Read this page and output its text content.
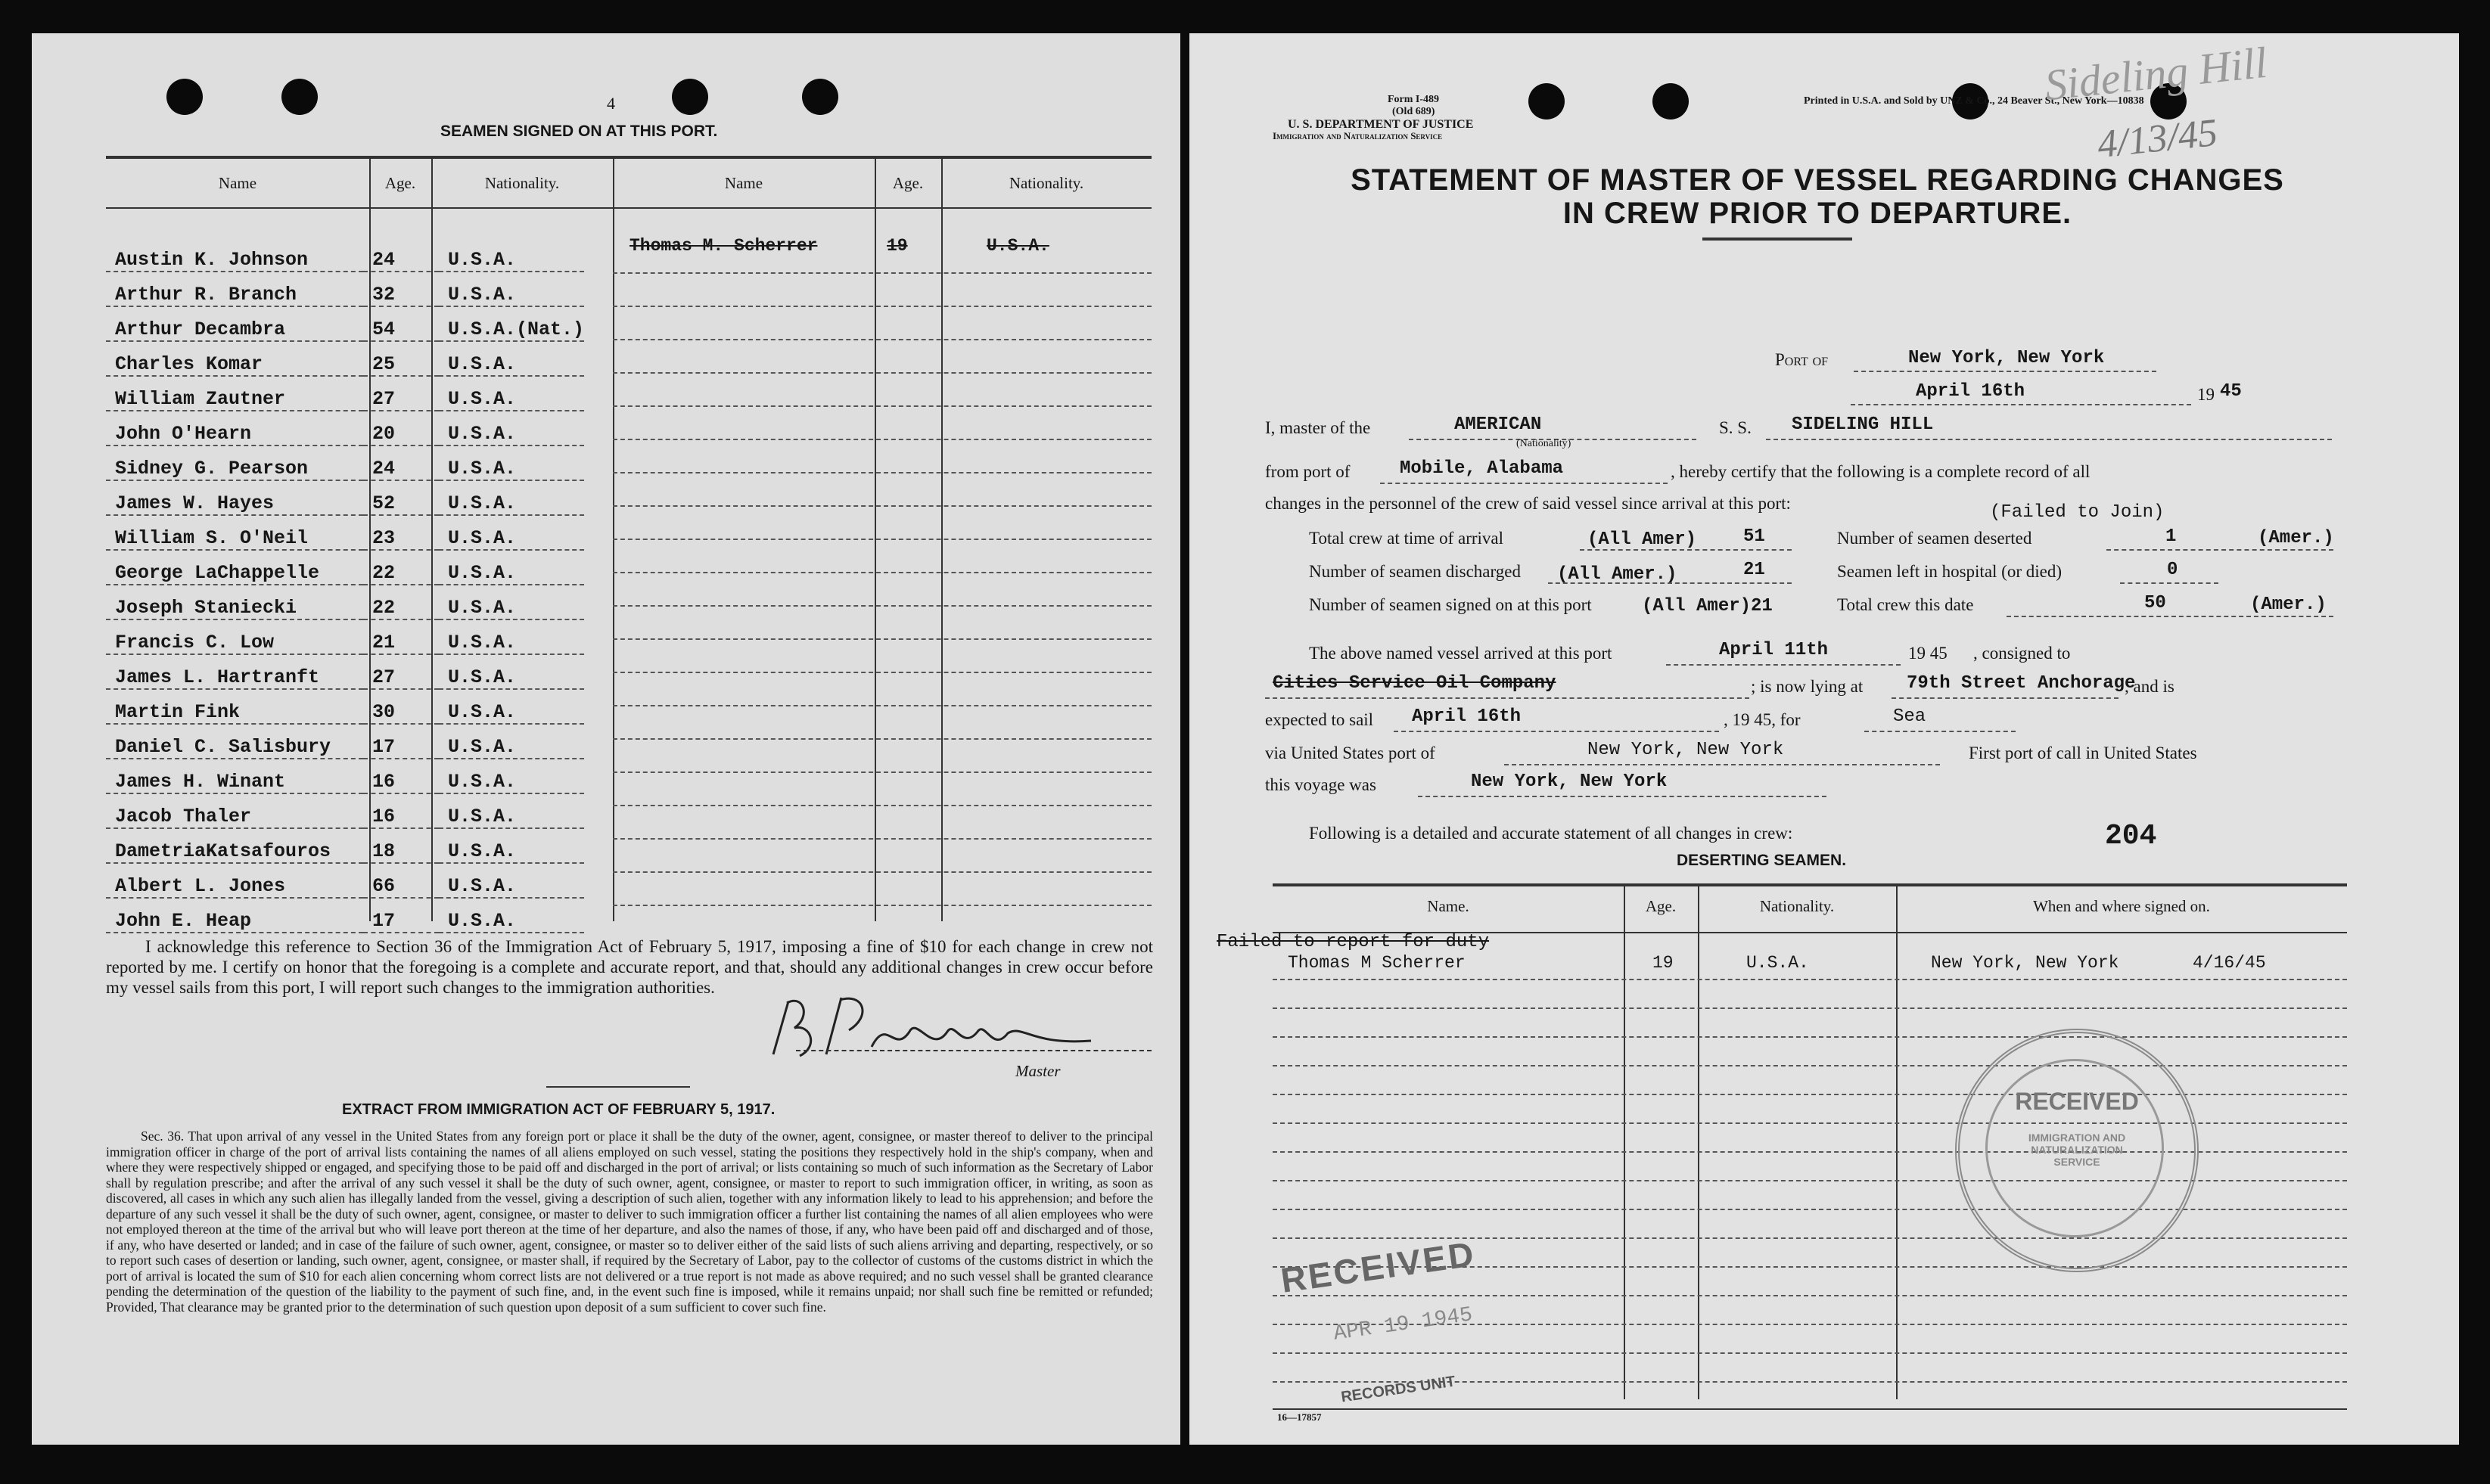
4
SEAMEN SIGNED ON AT THIS PORT.
Name	Age.	Nationality.	Name	Age.	Nationality.
Austin K. Johnson	24	U.S.A.
Arthur R. Branch	32	U.S.A.
Arthur Decambra	54	U.S.A.(Nat.)
Charles Komar	25	U.S.A.
William Zautner	27	U.S.A.
John O'Hearn	20	U.S.A.
Sidney G. Pearson	24	U.S.A.
James W. Hayes	52	U.S.A.
William S. O'Neil	23	U.S.A.
George LaChappelle	22	U.S.A.
Joseph Staniecki	22	U.S.A.
Francis C. Low	21	U.S.A.
James L. Hartranft	27	U.S.A.
Martin Fink	30	U.S.A.
Daniel C. Salisbury	17	U.S.A.
James H. Winant	16	U.S.A.
Jacob Thaler	16	U.S.A.
DametriaKatsafouros	18	U.S.A.
Albert L. Jones	66	U.S.A.
John E. Heap	17	U.S.A.
Thomas M. Scherrer	19	U.S.A.
I acknowledge this reference to Section 36 of the Immigration Act of February 5, 1917, imposing a fine of $10 for each change in crew not reported by me. I certify on honor that the foregoing is a complete and accurate report, and that, should any additional changes in crew occur before my vessel sails from this port, I will report such changes to the immigration authorities.
Master
EXTRACT FROM IMMIGRATION ACT OF FEBRUARY 5, 1917.
Sec. 36. That upon arrival of any vessel in the United States from any foreign port or place it shall be the duty of the owner, agent, consignee, or master thereof to deliver to the principal immigration officer in charge of the port of arrival lists containing the names of all aliens employed on such vessel, stating the positions they respectively hold in the ship's company, when and where they were respectively shipped or engaged, and specifying those to be paid off and discharged in the port of arrival; or lists containing so much of such information as the Secretary of Labor shall by regulation prescribe; and after the arrival of any such vessel it shall be the duty of such owner, agent, consignee, or master to report to such immigration officer, in writing, as soon as discovered, all cases in which any such alien has illegally landed from the vessel, giving a description of such alien, together with any information likely to lead to his apprehension; and before the departure of any such vessel it shall be the duty of such owner, agent, consignee, or master to deliver to such immigration officer a further list containing the names of all alien employees who were not employed thereon at the time of the arrival but who will leave port thereon at the time of her departure, and also the names of those, if any, who have been paid off and discharged and of those, if any, who have deserted or landed; and in case of the failure of such owner, agent, consignee, or master so to deliver either of the said lists of such aliens arriving and departing, respectively, or so to report such cases of desertion or landing, such owner, agent, consignee, or master shall, if required by the Secretary of Labor, pay to the collector of customs of the customs district in which the port of arrival is located the sum of $10 for each alien concerning whom correct lists are not delivered or a true report is not made as above required; and no such vessel shall be granted clearance pending the determination of the question of the liability to the payment of such fine, and, in the event such fine is imposed, while it remains unpaid; nor shall such fine be remitted or refunded; Provided, That clearance may be granted prior to the determination of such question upon deposit of a sum sufficient to cover such fine.
Form I-489
(Old 689)
U. S. DEPARTMENT OF JUSTICE
Immigration and Naturalization Service
Printed in U.S.A. and Sold by UNZ & Co., 24 Beaver St., New York—10838
Sideling Hill
4/13/45
STATEMENT OF MASTER OF VESSEL REGARDING CHANGES
IN CREW PRIOR TO DEPARTURE.
Port of	New York, New York
April 16th	19 45
I, master of the	AMERICAN
(Nationality)
S. S. SIDELING HILL
from port of	Mobile, Alabama	, hereby certify that the following is a complete record of all
changes in the personnel of the crew of said vessel since arrival at this port:	(Failed to Join)
Total crew at time of arrival	(All Amer)	51	Number of seamen deserted	1	(Amer.)
Number of seamen discharged (All Amer.)	21	Seamen left in hospital (or died)	0
Number of seamen signed on at this port	(All Amer)21	Total crew this date	50	(Amer.)
The above named vessel arrived at this port	April 11th	19 45 , consigned to
Cities Service Oil Company	; is now lying at 79th Street Anchorage
, and is
expected to sail April 16th	, 19 45, for	Sea
via United States port of	New York, New York	First port of call in United States
this voyage was	New York, New York
Following is a detailed and accurate statement of all changes in crew:	204
DESERTING SEAMEN.
Name.	Age.	Nationality.	When and where signed on.
Failed to report for duty
Thomas M Scherrer	19	U.S.A.	New York, New York	4/16/45
RECEIVED
APR 19 1945
RECORDS UNIT
RECEIVED
IMMIGRATION AND NATURALIZATION SERVICE
16—17857
